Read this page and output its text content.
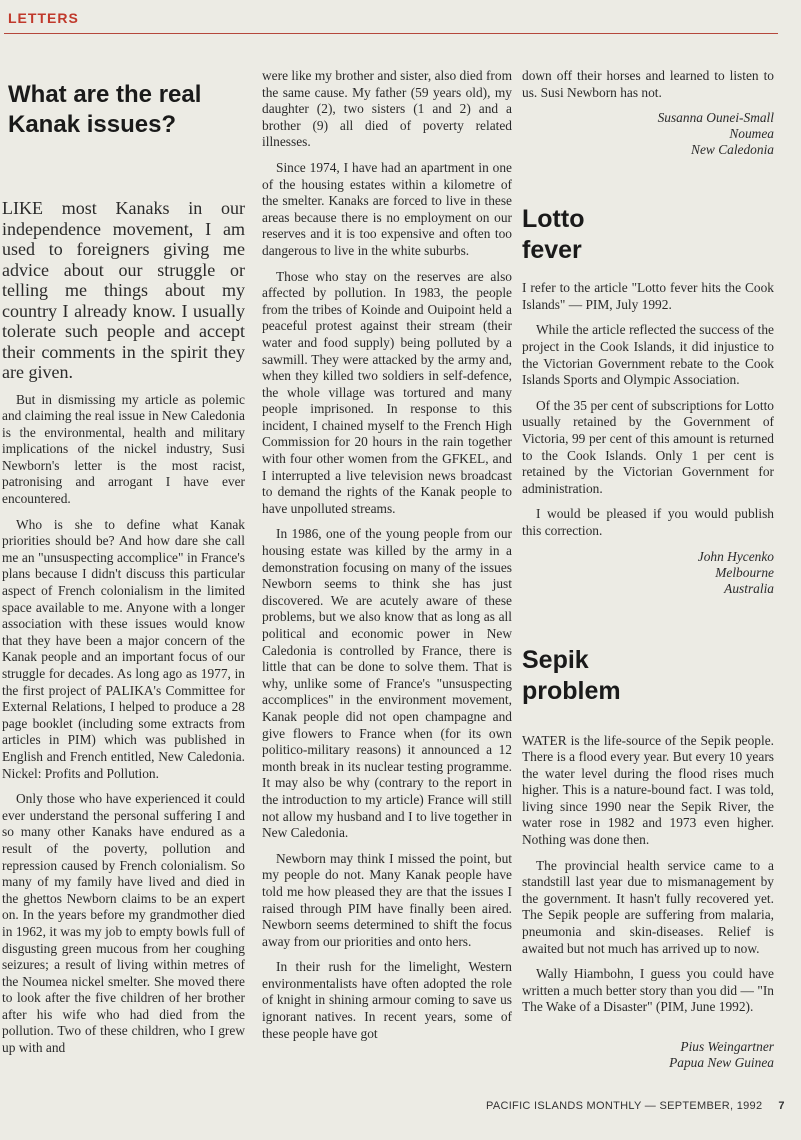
LETTERS
What are the real Kanak issues?

LIKE most Kanaks in our independence movement, I am used to foreigners giving me advice about our struggle or telling me things about my country I already know. I usually tolerate such people and accept their comments in the spirit they are given.

But in dismissing my article as polemic and claiming the real issue in New Caledonia is the environmental, health and military implications of the nickel industry, Susi Newborn's letter is the most racist, patronising and arrogant I have ever encountered.

Who is she to define what Kanak priorities should be? And how dare she call me an "unsuspecting accomplice" in France's plans because I didn't discuss this particular aspect of French colonialism in the limited space available to me. Anyone with a longer association with these issues would know that they have been a major concern of the Kanak people and an important focus of our struggle for decades. As long ago as 1977, in the first project of PALIKA's Committee for External Relations, I helped to produce a 28 page booklet (including some extracts from articles in PIM) which was published in English and French entitled, New Caledonia. Nickel: Profits and Pollution.

Only those who have experienced it could ever understand the personal suffering I and so many other Kanaks have endured as a result of the poverty, pollution and repression caused by French colonialism. So many of my family have lived and died in the ghettos Newborn claims to be an expert on. In the years before my grandmother died in 1962, it was my job to empty bowls full of disgusting green mucous from her coughing seizures; a result of living within metres of the Noumea nickel smelter. She moved there to look after the five children of her brother after his wife who had died from the pollution. Two of these children, who I grew up with and

were like my brother and sister, also died from the same cause. My father (59 years old), my daughter (2), two sisters (1 and 2) and a brother (9) all died of poverty related illnesses.

Since 1974, I have had an apartment in one of the housing estates within a kilometre of the smelter. Kanaks are forced to live in these areas because there is no employment on our reserves and it is too expensive and often too dangerous to live in the white suburbs.

Those who stay on the reserves are also affected by pollution. In 1983, the people from the tribes of Koinde and Ouipoint held a peaceful protest against their stream (their water and food supply) being polluted by a sawmill. They were attacked by the army and, when they killed two soldiers in self-defence, the whole village was tortured and many people imprisoned. In response to this incident, I chained myself to the French High Commission for 20 hours in the rain together with four other women from the GFKEL, and I interrupted a live television news broadcast to demand the rights of the Kanak people to have unpolluted streams.

In 1986, one of the young people from our housing estate was killed by the army in a demonstration focusing on many of the issues Newborn seems to think she has just discovered. We are acutely aware of these problems, but we also know that as long as all political and economic power in New Caledonia is controlled by France, there is little that can be done to solve them. That is why, unlike some of France's "unsuspecting accomplices" in the environment movement, Kanak people did not open champagne and give flowers to France when (for its own politico-military reasons) it announced a 12 month break in its nuclear testing programme. It may also be why (contrary to the report in the introduction to my article) France will still not allow my husband and I to live together in New Caledonia.

Newborn may think I missed the point, but my people do not. Many Kanak people have told me how pleased they are that the issues I raised through PIM have finally been aired. Newborn seems determined to shift the focus away from our priorities and onto hers.

In their rush for the limelight, Western environmentalists have often adopted the role of knight in shining armour coming to save us ignorant natives. In recent years, some of these people have got

down off their horses and learned to listen to us. Susi Newborn has not.

Susanna Ounei-Small
Noumea
New Caledonia
Lotto fever

I refer to the article "Lotto fever hits the Cook Islands" — PIM, July 1992.

While the article reflected the success of the project in the Cook Islands, it did injustice to the Victorian Government rebate to the Cook Islands Sports and Olympic Association.

Of the 35 per cent of subscriptions for Lotto usually retained by the Government of Victoria, 99 per cent of this amount is returned to the Cook Islands. Only 1 per cent is retained by the Victorian Government for administration.

I would be pleased if you would publish this correction.

John Hycenko
Melbourne
Australia
Sepik problem

WATER is the life-source of the Sepik people. There is a flood every year. But every 10 years the water level during the flood rises much higher. This is a nature-bound fact. I was told, living since 1990 near the Sepik River, the water rose in 1982 and 1973 even higher. Nothing was done then.

The provincial health service came to a standstill last year due to mismanagement by the government. It hasn't fully recovered yet. The Sepik people are suffering from malaria, pneumonia and skin-diseases. Relief is awaited but not much has arrived up to now.

Wally Hiambohn, I guess you could have written a much better story than you did — "In The Wake of a Disaster" (PIM, June 1992).

Pius Weingartner
Papua New Guinea
PACIFIC ISLANDS MONTHLY — SEPTEMBER, 1992 7
